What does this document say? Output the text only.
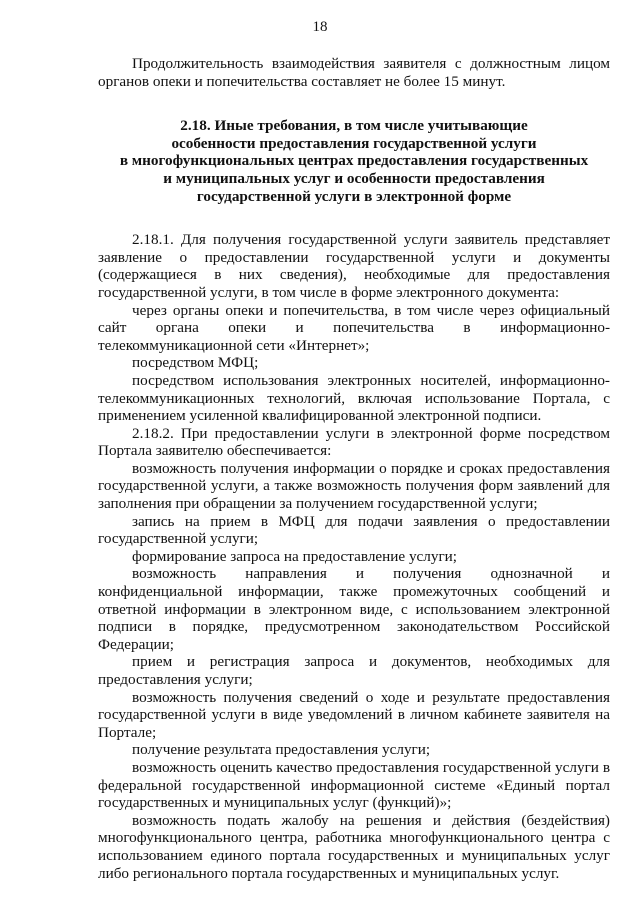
18

Продолжительность взаимодействия заявителя с должностным лицом органов опеки и попечительства составляет не более 15 минут.

2.18. Иные требования, в том числе учитывающие
особенности предоставления государственной услуги
в многофункциональных центрах предоставления государственных
и муниципальных услуг и особенности предоставления
государственной услуги в электронной форме

2.18.1. Для получения государственной услуги заявитель представляет заявление о предоставлении государственной услуги и документы (содержащиеся в них сведения), необходимые для предоставления государственной услуги, в том числе в форме электронного документа:

через органы опеки и попечительства, в том числе через официальный сайт органа опеки и попечительства в информационно-телекоммуникационной сети «Интернет»;

посредством МФЦ;

посредством использования электронных носителей, информационно-телекоммуникационных технологий, включая использование Портала, с применением усиленной квалифицированной электронной подписи.

2.18.2. При предоставлении услуги в электронной форме посредством Портала заявителю обеспечивается:

возможность получения информации о порядке и сроках предоставления государственной услуги, а также возможность получения форм заявлений для заполнения при обращении за получением государственной услуги;

запись на прием в МФЦ для подачи заявления о предоставлении государственной услуги;

формирование запроса на предоставление услуги;

возможность направления и получения однозначной и конфиденциальной информации, также промежуточных сообщений и ответной информации в электронном виде, с использованием электронной подписи в порядке, предусмотренном законодательством Российской Федерации;

прием и регистрация запроса и документов, необходимых для предоставления услуги;

возможность получения сведений о ходе и результате предоставления государственной услуги в виде уведомлений в личном кабинете заявителя на Портале;

получение результата предоставления услуги;

возможность оценить качество предоставления государственной услуги в федеральной государственной информационной системе «Единый портал государственных и муниципальных услуг (функций)»;

возможность подать жалобу на решения и действия (бездействия) многофункционального центра, работника многофункционального центра с использованием единого портала государственных и муниципальных услуг либо регионального портала государственных и муниципальных услуг.
